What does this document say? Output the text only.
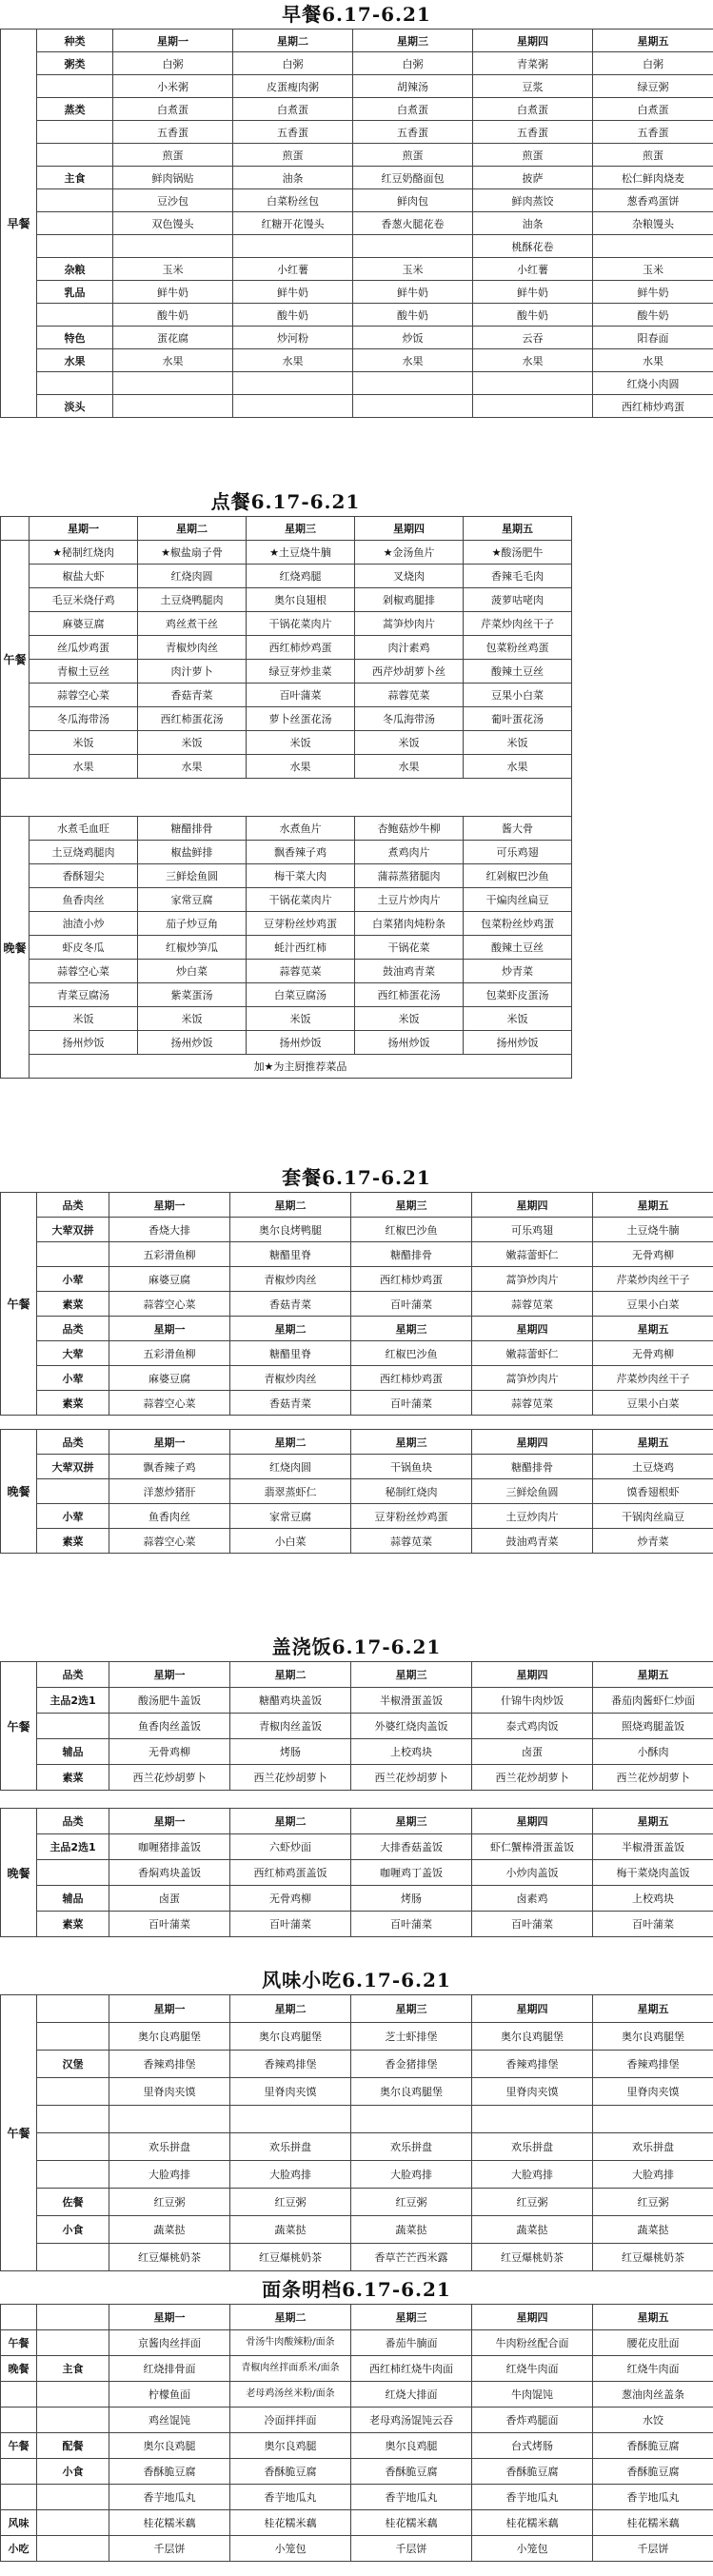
早餐6.17-6.21
早餐	种类	星期一	星期二	星期三	星期四	星期五
	粥类	白粥	白粥	白粥	青菜粥	白粥
		小米粥	皮蛋瘦肉粥	胡辣汤	豆浆	绿豆粥
	蒸类	白煮蛋	白煮蛋	白煮蛋	白煮蛋	白煮蛋
		五香蛋	五香蛋	五香蛋	五香蛋	五香蛋
		煎蛋	煎蛋	煎蛋	煎蛋	煎蛋
	主食	鲜肉锅贴	油条	红豆奶酪面包	披萨	松仁鲜肉烧麦
		豆沙包	白菜粉丝包	鲜肉包	鲜肉蒸饺	葱香鸡蛋饼
		双色馒头	红糖开花馒头	香葱火腿花卷	油条	杂粮馒头
					桃酥花卷	
	杂粮	玉米	小红薯	玉米	小红薯	玉米
	乳品	鲜牛奶	鲜牛奶	鲜牛奶	鲜牛奶	鲜牛奶
		酸牛奶	酸牛奶	酸牛奶	酸牛奶	酸牛奶
	特色	蛋花腐	炒河粉	炒饭	云吞	阳春面
	水果	水果	水果	水果	水果	水果
						红烧小肉圆
	淡头					西红柿炒鸡蛋
点餐6.17-6.21
	星期一	星期二	星期三	星期四	星期五
午餐	★秘制红烧肉	★椒盐扇子骨	★土豆烧牛腩	★金汤鱼片	★酸汤肥牛
	椒盐大虾	红烧肉圆	红烧鸡腿	叉烧肉	香辣毛毛肉
	毛豆米烧仔鸡	土豆烧鸭腿肉	奥尔良翅根	剁椒鸡腿排	菠萝咕咾肉
	麻婆豆腐	鸡丝煮干丝	干锅花菜肉片	蒿笋炒肉片	芹菜炒肉丝干子
	丝瓜炒鸡蛋	青椒炒肉丝	西红柿炒鸡蛋	肉汁素鸡	包菜粉丝鸡蛋
	青椒土豆丝	肉汁萝卜	绿豆芽炒韭菜	西芹炒胡萝卜丝	酸辣土豆丝
	蒜蓉空心菜	香菇青菜	百叶蒲菜	蒜蓉苋菜	豆果小白菜
	冬瓜海带汤	西红柿蛋花汤	萝卜丝蛋花汤	冬瓜海带汤	葡叶蛋花汤
	米饭	米饭	米饭	米饭	米饭
	水果	水果	水果	水果	水果

晚餐	水煮毛血旺	糖醋排骨	水煮鱼片	杏鲍菇炒牛柳	酱大骨
	土豆烧鸡腿肉	椒盐鲜排	飘香辣子鸡	煮鸡肉片	可乐鸡翅
	香酥翅尖	三鲜烩鱼圆	梅干菜大肉	蒲蒜蒸猪腿肉	红剁椒巴沙鱼
	鱼香肉丝	家常豆腐	干锅花菜肉片	土豆片炒肉片	干煸肉丝扁豆
	油渣小炒	茄子炒豆角	豆芽粉丝炒鸡蛋	白菜猪肉炖粉条	包菜粉丝炒鸡蛋
	虾皮冬瓜	红椒炒笋瓜	蚝汁西红柿	干锅花菜	酸辣土豆丝
	蒜蓉空心菜	炒白菜	蒜蓉苋菜	鼓油鸡青菜	炒青菜
	青菜豆腐汤	紫菜蛋汤	白菜豆腐汤	西红柿蛋花汤	包菜虾皮蛋汤
	米饭	米饭	米饭	米饭	米饭
	扬州炒饭	扬州炒饭	扬州炒饭	扬州炒饭	扬州炒饭
	加★为主厨推荐菜品				
套餐6.17-6.21
午餐	品类	星期一	星期二	星期三	星期四	星期五
	大荤双拼	香烧大排	奥尔良烤鸭腿	红椒巴沙鱼	可乐鸡翅	土豆烧牛腩
		五彩滑鱼柳	糖醋里脊	糖醋排骨	嫩蒜蕾虾仁	无骨鸡柳
	小荤	麻婆豆腐	青椒炒肉丝	西红柿炒鸡蛋	蒿笋炒肉片	芹菜炒肉丝干子
	素菜	蒜蓉空心菜	香菇青菜	百叶蒲菜	蒜蓉苋菜	豆果小白菜
	品类	星期一	星期二	星期三	星期四	星期五
	大荤	五彩滑鱼柳	糖醋里脊	红椒巴沙鱼	嫩蒜蕾虾仁	无骨鸡柳
	小荤	麻婆豆腐	青椒炒肉丝	西红柿炒鸡蛋	蒿笋炒肉片	芹菜炒肉丝干子
	素菜	蒜蓉空心菜	香菇青菜	百叶蒲菜	蒜蓉苋菜	豆果小白菜
晚餐	品类	星期一	星期二	星期三	星期四	星期五
	大荤双拼	飘香辣子鸡	红烧肉圆	干锅鱼块	糖醋排骨	土豆烧鸡
		洋葱炒猪肝	翡翠蒸虾仁	秘制红烧肉	三鲜烩鱼圆	馍香翅根虾
	小荤	鱼香肉丝	家常豆腐	豆芽粉丝炒鸡蛋	土豆炒肉片	干锅肉丝扁豆
	素菜	蒜蓉空心菜	小白菜	蒜蓉苋菜	鼓油鸡青菜	炒青菜
盖浇饭6.17-6.21
午餐	品类	星期一	星期二	星期三	星期四	星期五
	主品2选1	酸汤肥牛盖饭	糖醋鸡块盖饭	半椒滑蛋盖饭	什锦牛肉炒饭	番茄肉酱虾仁炒面
		鱼香肉丝盖饭	青椒肉丝盖饭	外婆红烧肉盖饭	泰式鸡肉饭	照烧鸡腿盖饭
	辅品	无骨鸡柳	烤肠	上校鸡块	卤蛋	小酥肉
	素菜	西兰花炒胡萝卜	西兰花炒胡萝卜	西兰花炒胡萝卜	西兰花炒胡萝卜	西兰花炒胡萝卜
晚餐	品类	星期一	星期二	星期三	星期四	星期五
	主品2选1	咖喱猪排盖饭	六虾炒面	大排香菇盖饭	虾仁蟹棒滑蛋盖饭	半椒滑蛋盖饭
		香焖鸡块盖饭	西红柿鸡蛋盖饭	咖喱鸡丁盖饭	小炒肉盖饭	梅干菜烧肉盖饭
	辅品	卤蛋	无骨鸡柳	烤肠	卤素鸡	上校鸡块
	素菜	百叶蒲菜	百叶蒲菜	百叶蒲菜	百叶蒲菜	百叶蒲菜
风味小吃6.17-6.21
午餐		星期一	星期二	星期三	星期四	星期五
		奥尔良鸡腿堡	奥尔良鸡腿堡	芝士虾排堡	奥尔良鸡腿堡	奥尔良鸡腿堡
	汉堡	香辣鸡排堡	香辣鸡排堡	香金猪排堡	香辣鸡排堡	香辣鸡排堡
		里脊肉夹馍	里脊肉夹馍	奥尔良鸡腿堡	里脊肉夹馍	里脊肉夹馍

		欢乐拼盘	欢乐拼盘	欢乐拼盘	欢乐拼盘	欢乐拼盘
		大脸鸡排	大脸鸡排	大脸鸡排	大脸鸡排	大脸鸡排
	佐餐	红豆粥	红豆粥	红豆粥	红豆粥	红豆粥
	小食	蔬菜挞	蔬菜挞	蔬菜挞	蔬菜挞	蔬菜挞
		红豆爆桃奶茶	红豆爆桃奶茶	香草芒芒西米露	红豆爆桃奶茶	红豆爆桃奶茶
面条明档6.17-6.21
		星期一	星期二	星期三	星期四	星期五
午餐		京酱肉丝拌面	骨汤牛肉酸辣粉/面条	番茄牛腩面	牛肉粉丝配合面	腰花皮肚面
晚餐	主食	红烧排骨面	青椒肉丝拌面系米/面条	西红柿红烧牛肉面	红烧牛肉面	红烧牛肉面
		柠檬鱼面	老母鸡汤丝米粉/面条	红烧大排面	牛肉馄饨	葱油肉丝盖条
		鸡丝馄饨	冷面拌拌面	老母鸡汤馄饨云吞	香炸鸡腿面	水饺
午餐	配餐	奥尔良鸡腿	奥尔良鸡腿	奥尔良鸡腿	台式烤肠	香酥脆豆腐
	小食	香酥脆豆腐	香酥脆豆腐	香酥脆豆腐	香酥脆豆腐	香酥脆豆腐
		香芋地瓜丸	香芋地瓜丸	香芋地瓜丸	香芋地瓜丸	香芋地瓜丸
风味		桂花糯米藕	桂花糯米藕	桂花糯米藕	桂花糯米藕	桂花糯米藕
小吃		千层饼	小笼包	千层饼	小笼包	千层饼
